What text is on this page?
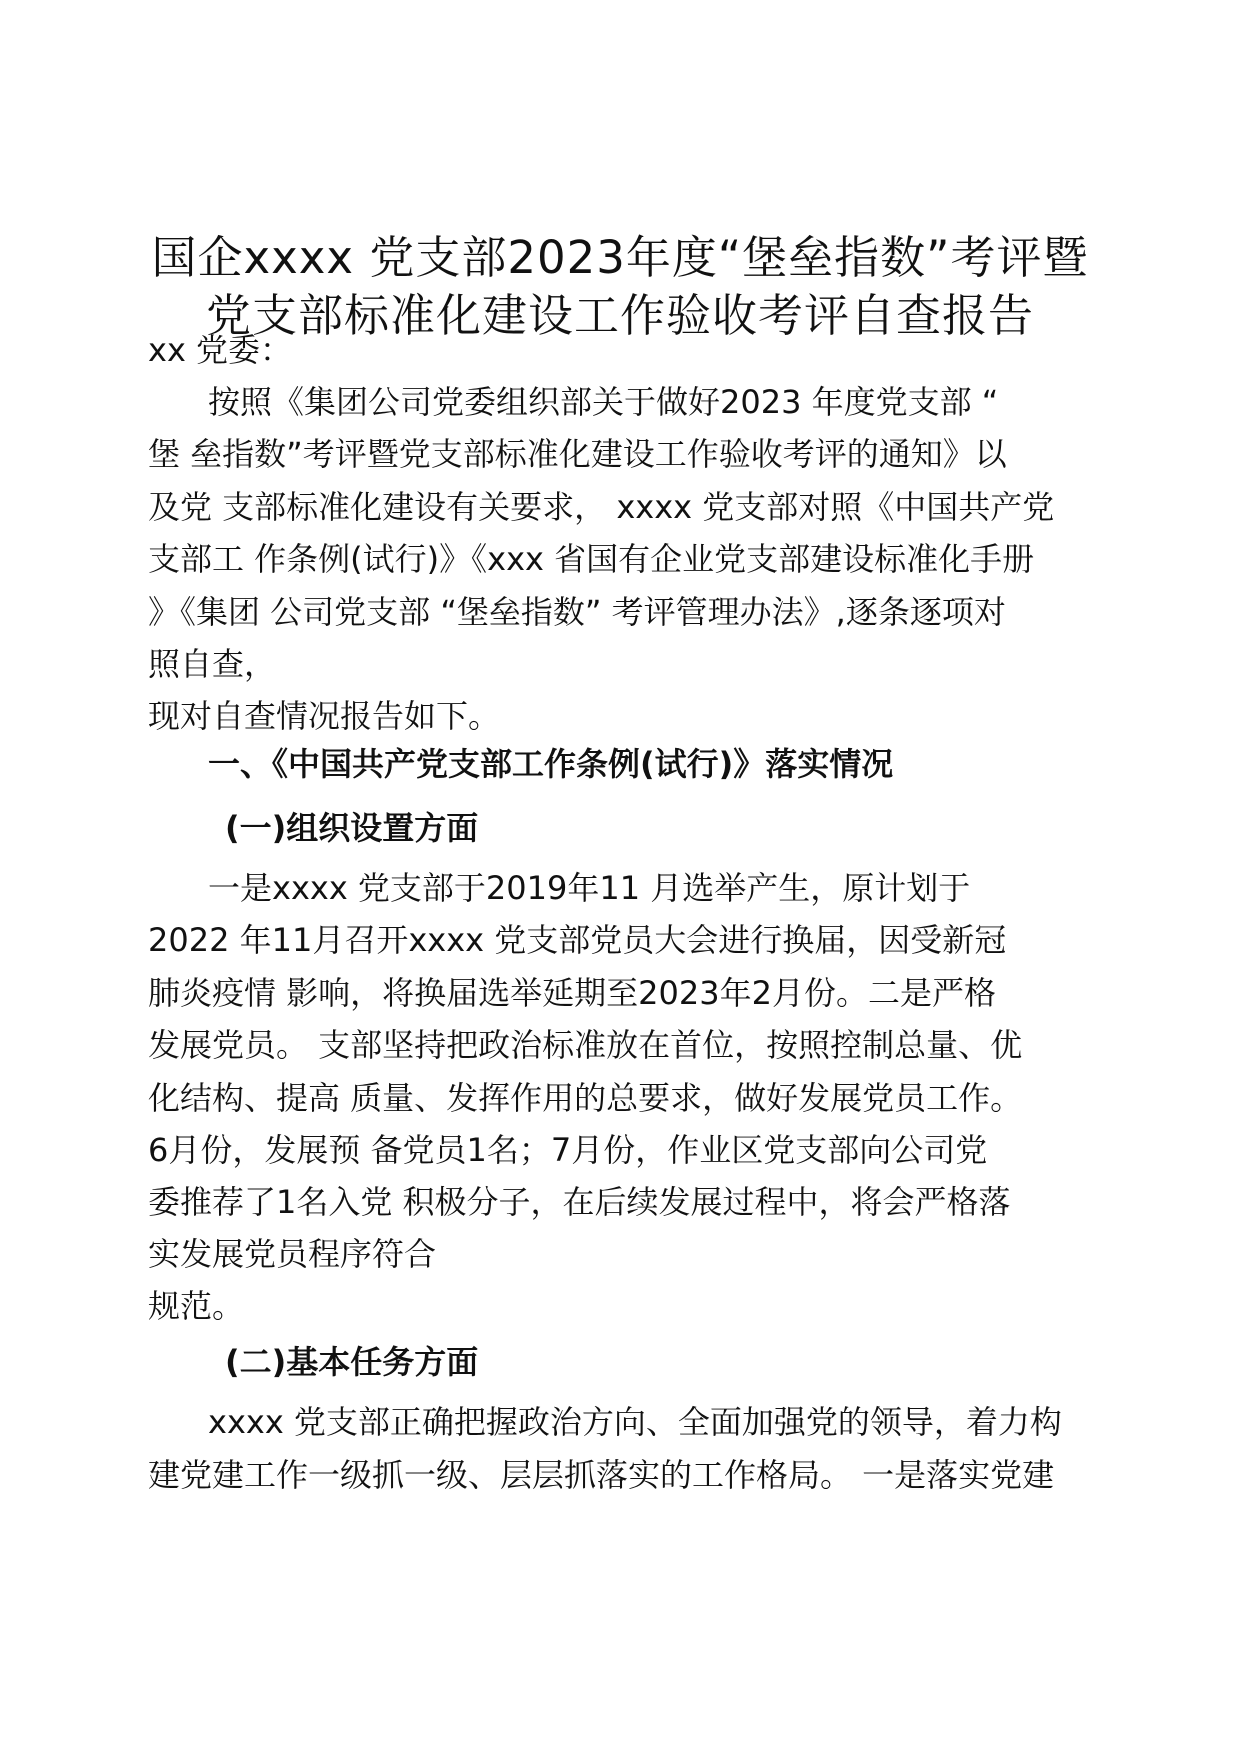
国企xxxx 党支部2023年度“堡垒指数”考评暨
党支部标准化建设工作验收考评自查报告
xx 党委：
按照《集团公司党委组织部关于做好2023 年度党支部 “
堡 垒指数”考评暨党支部标准化建设工作验收考评的通知》以
及党 支部标准化建设有关要求， xxxx 党支部对照《中国共产党
支部工 作条例(试行)》《xxx 省国有企业党支部建设标准化手册
》《集团 公司党支部 “堡垒指数” 考评管理办法》,逐条逐项对
照自查，
现对自查情况报告如下。
一、《中国共产党支部工作条例(试行)》落实情况
(一)组织设置方面
一是xxxx 党支部于2019年11 月选举产生，原计划于
2022 年11月召开xxxx 党支部党员大会进行换届，因受新冠
肺炎疫情 影响，将换届选举延期至2023年2月份。二是严格
发展党员。 支部坚持把政治标准放在首位，按照控制总量、优
化结构、提高 质量、发挥作用的总要求，做好发展党员工作。
6月份，发展预 备党员1名；7月份，作业区党支部向公司党
委推荐了1名入党 积极分子，在后续发展过程中，将会严格落
实发展党员程序符合
规范。
(二)基本任务方面
xxxx 党支部正确把握政治方向、全面加强党的领导，着力构
建党建工作一级抓一级、层层抓落实的工作格局。 一是落实党建
